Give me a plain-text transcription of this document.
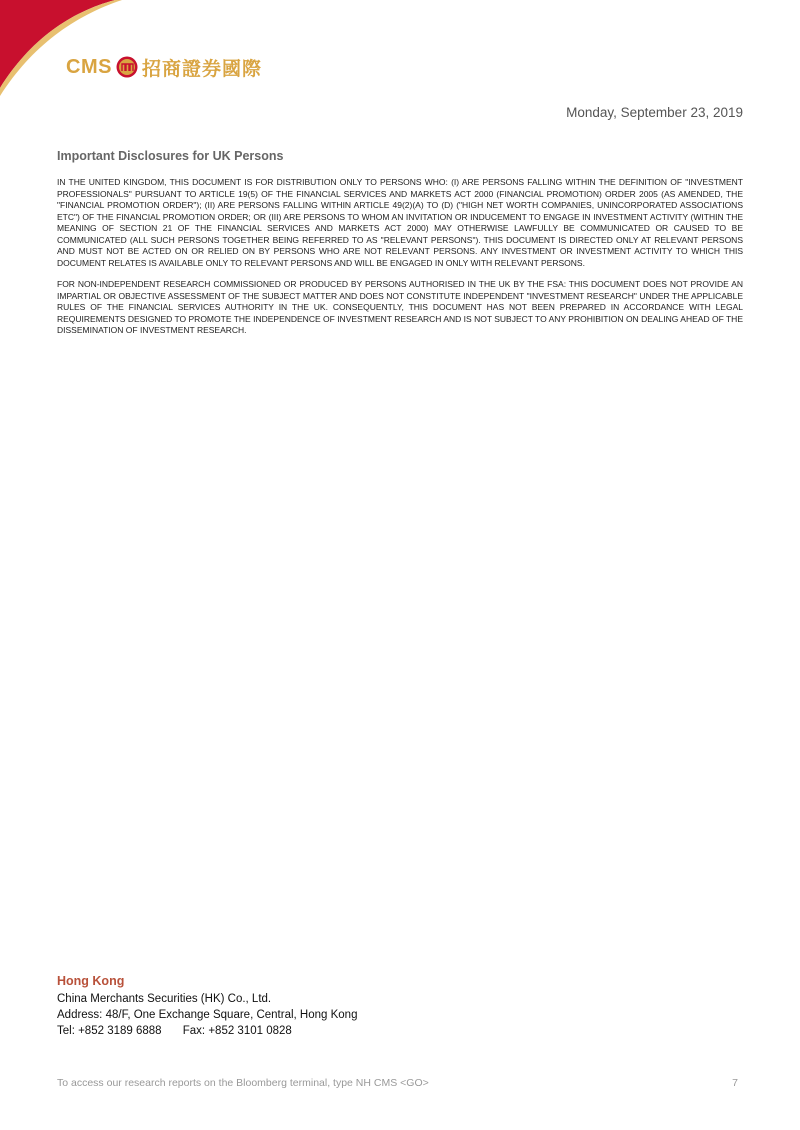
CMS 招商證券國際
Monday, September 23, 2019
Important Disclosures for UK Persons

IN THE UNITED KINGDOM, THIS DOCUMENT IS FOR DISTRIBUTION ONLY TO PERSONS WHO: (I) ARE PERSONS FALLING WITHIN THE DEFINITION OF "INVESTMENT PROFESSIONALS" PURSUANT TO ARTICLE 19(5) OF THE FINANCIAL SERVICES AND MARKETS ACT 2000 (FINANCIAL PROMOTION) ORDER 2005 (AS AMENDED, THE "FINANCIAL PROMOTION ORDER"); (II) ARE PERSONS FALLING WITHIN ARTICLE 49(2)(A) TO (D) ("HIGH NET WORTH COMPANIES, UNINCORPORATED ASSOCIATIONS ETC") OF THE FINANCIAL PROMOTION ORDER; OR (III) ARE PERSONS TO WHOM AN INVITATION OR INDUCEMENT TO ENGAGE IN INVESTMENT ACTIVITY (WITHIN THE MEANING OF SECTION 21 OF THE FINANCIAL SERVICES AND MARKETS ACT 2000) MAY OTHERWISE LAWFULLY BE COMMUNICATED OR CAUSED TO BE COMMUNICATED (ALL SUCH PERSONS TOGETHER BEING REFERRED TO AS "RELEVANT PERSONS"). THIS DOCUMENT IS DIRECTED ONLY AT RELEVANT PERSONS AND MUST NOT BE ACTED ON OR RELIED ON BY PERSONS WHO ARE NOT RELEVANT PERSONS. ANY INVESTMENT OR INVESTMENT ACTIVITY TO WHICH THIS DOCUMENT RELATES IS AVAILABLE ONLY TO RELEVANT PERSONS AND WILL BE ENGAGED IN ONLY WITH RELEVANT PERSONS.

FOR NON-INDEPENDENT RESEARCH COMMISSIONED OR PRODUCED BY PERSONS AUTHORISED IN THE UK BY THE FSA: THIS DOCUMENT DOES NOT PROVIDE AN IMPARTIAL OR OBJECTIVE ASSESSMENT OF THE SUBJECT MATTER AND DOES NOT CONSTITUTE INDEPENDENT "INVESTMENT RESEARCH" UNDER THE APPLICABLE RULES OF THE FINANCIAL SERVICES AUTHORITY IN THE UK. CONSEQUENTLY, THIS DOCUMENT HAS NOT BEEN PREPARED IN ACCORDANCE WITH LEGAL REQUIREMENTS DESIGNED TO PROMOTE THE INDEPENDENCE OF INVESTMENT RESEARCH AND IS NOT SUBJECT TO ANY PROHIBITION ON DEALING AHEAD OF THE DISSEMINATION OF INVESTMENT RESEARCH.

Hong Kong
China Merchants Securities (HK) Co., Ltd.
Address: 48/F, One Exchange Square, Central, Hong Kong
Tel: +852 3189 6888 Fax: +852 3101 0828
To access our research reports on the Bloomberg terminal, type NH CMS <GO>	7
